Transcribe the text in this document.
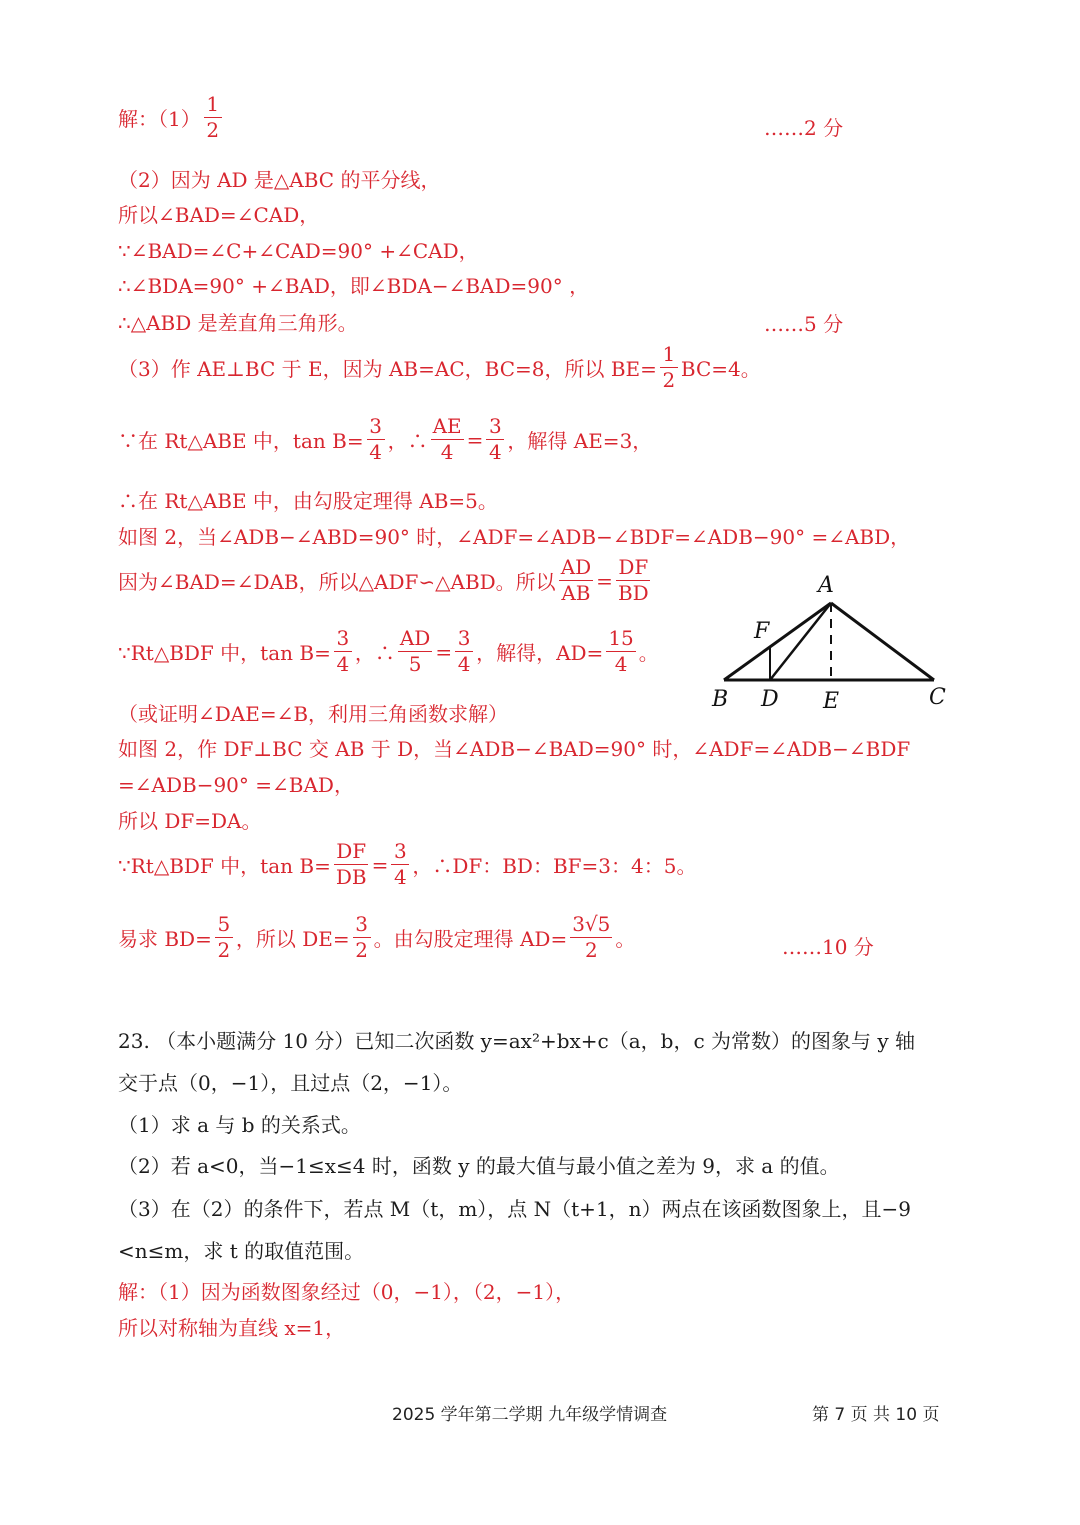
解：（1）
1
2	……2 分
（2）因为 AD 是△ABC 的平分线，
所以∠BAD=∠CAD，
∵∠BAD=∠C+∠CAD=90° +∠CAD，
∴∠BDA=90° +∠BAD，即∠BDA−∠BAD=90° ，
∴△ABD 是差直角三角形。	……5 分
（3）作 AE⊥BC 于 E，因为 AB=AC，BC=8，所以 $BE= \frac{1}{2} BC=4$。
∵在 Rt△ABE 中，$\tan B= \frac{3}{4}$ ，∴ $\frac{AE}{4} = \frac{3}{4}$ ，解得 AE=3，
∴在 Rt△ABE 中，由勾股定理得 AB=5。
如图 2，当∠ADB−∠ABD=90° 时，∠ADF=∠ADB−∠BDF=∠ADB−90° =∠ABD，
因为∠BAD=∠DAB，所以△ADF∽△ABD。所以 $\frac{AD}{AB} = \frac{DF}{BD}$
∵Rt△BDF 中，$\tan B= \frac{3}{4}$ ，∴ $\frac{AD}{5} = \frac{3}{4}$ ，解得，$AD= \frac{15}{4}$ 。
（或证明∠DAE=∠B，利用三角函数求解）
如图 2，作 DF⊥BC 交 AB 于 D，当∠ADB−∠BAD=90° 时，∠ADF=∠ADB−∠BDF
=∠ADB−90° =∠BAD，
所以 DF=DA。
∵Rt△BDF 中，$\tan B= \frac{DF}{DB} = \frac{3}{4}$ ，∴DF：BD：BF=3：4：5。
易求 $BD= \frac{5}{2}$ ，所以 $DE= \frac{3}{2}$ 。由勾股定理得 $AD= \frac{3√5}{2}$ 。	……10 分
A
F
B D E	C
23. （本小题满分 10 分）已知二次函数 y=ax²+bx+c（a，b，c 为常数）的图象与 y 轴
交于点（0，−1），且过点（2，−1）。
（1）求 a 与 b 的关系式。
（2）若 a<0，当−1≤x≤4 时，函数 y 的最大值与最小值之差为 9，求 a 的值。
（3）在（2）的条件下，若点 M（t，m），点 N（t+1，n）两点在该函数图象上，且−9
<n≤m，求 t 的取值范围。
解：（1）因为函数图象经过（0，−1），（2，−1），
所以对称轴为直线 x=1，
2025 学年第二学期 九年级学情调查	第 7 页 共 10 页
